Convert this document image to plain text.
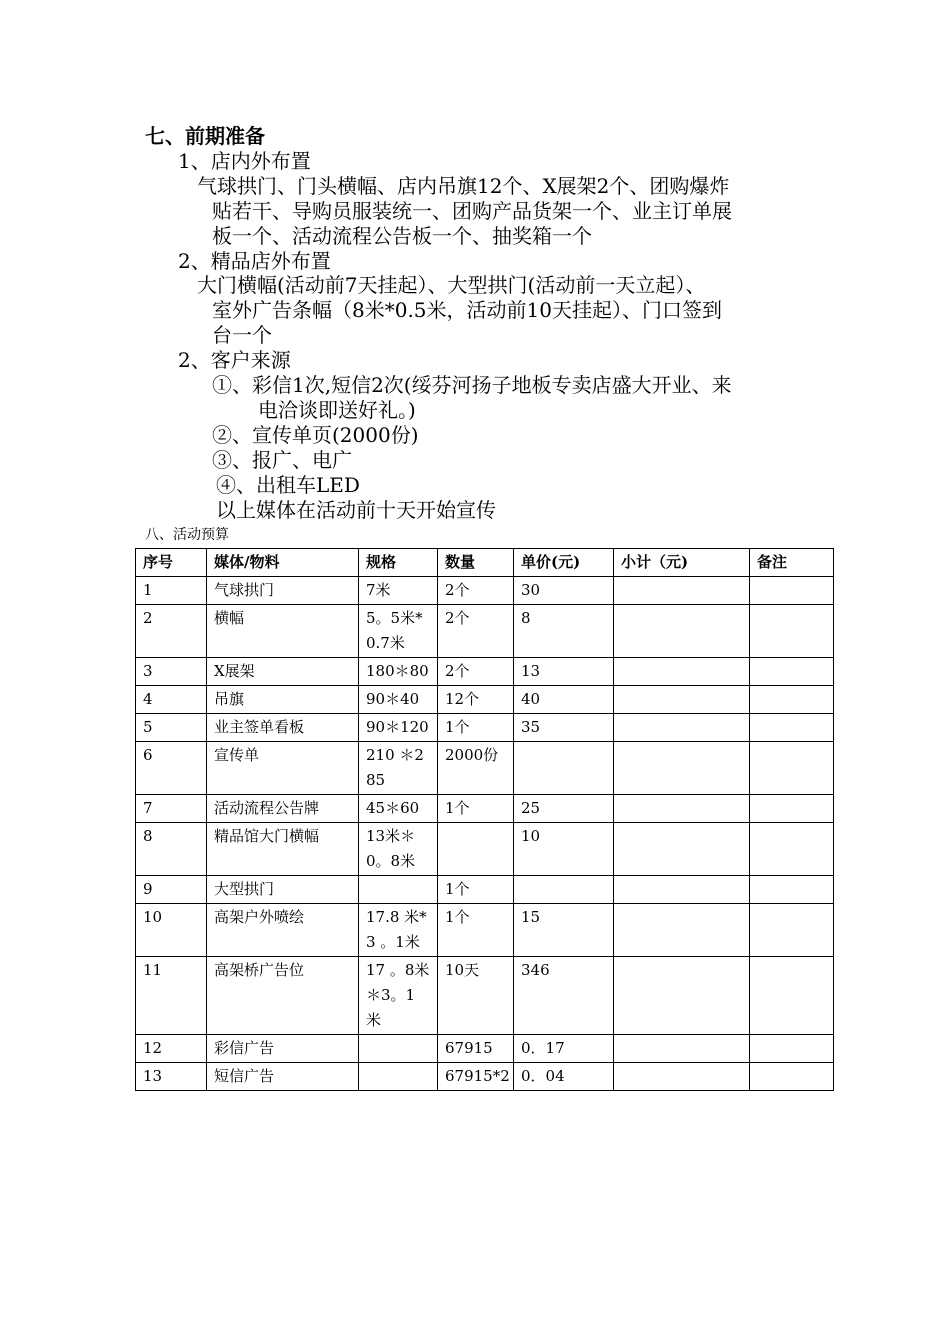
七、前期准备
1、店内外布置
气球拱门、门头横幅、店内吊旗12个、X展架2个、团购爆炸
贴若干、导购员服装统一、团购产品货架一个、业主订单展
板一个、活动流程公告板一个、抽奖箱一个
2、精品店外布置
大门横幅(活动前7天挂起）、大型拱门(活动前一天立起）、
室外广告条幅（8米*0.5米，活动前10天挂起）、门口签到
台一个
2、客户来源
①、彩信1次,短信2次(绥芬河扬子地板专卖店盛大开业、来
电洽谈即送好礼。)
②、宣传单页(2000份)
③、报广、电广
④、出租车LED
以上媒体在活动前十天开始宣传
八、活动预算
序号	媒体/物料	规格	数量	单价(元)	小计（元)	备注
1	气球拱门	7米	2个	30		
2	横幅	5。5米*0.7米	2个	8		
3	X展架	180＊80	2个	13		
4	吊旗	90＊40	12个	40		
5	业主签单看板	90＊120	1个	35		
6	宣传单	210 ＊285	2000份			
7	活动流程公告牌	45＊60	1个	25		
8	精品馆大门横幅	13米＊0。8米		10		
9	大型拱门		1个			
10	高架户外喷绘	17.8 米*3 。1米	1个	15		
11	高架桥广告位	17 。8米 ＊3。1米	10天	346		
12	彩信广告		67915	0．17		
13	短信广告		67915*2	0．04		
